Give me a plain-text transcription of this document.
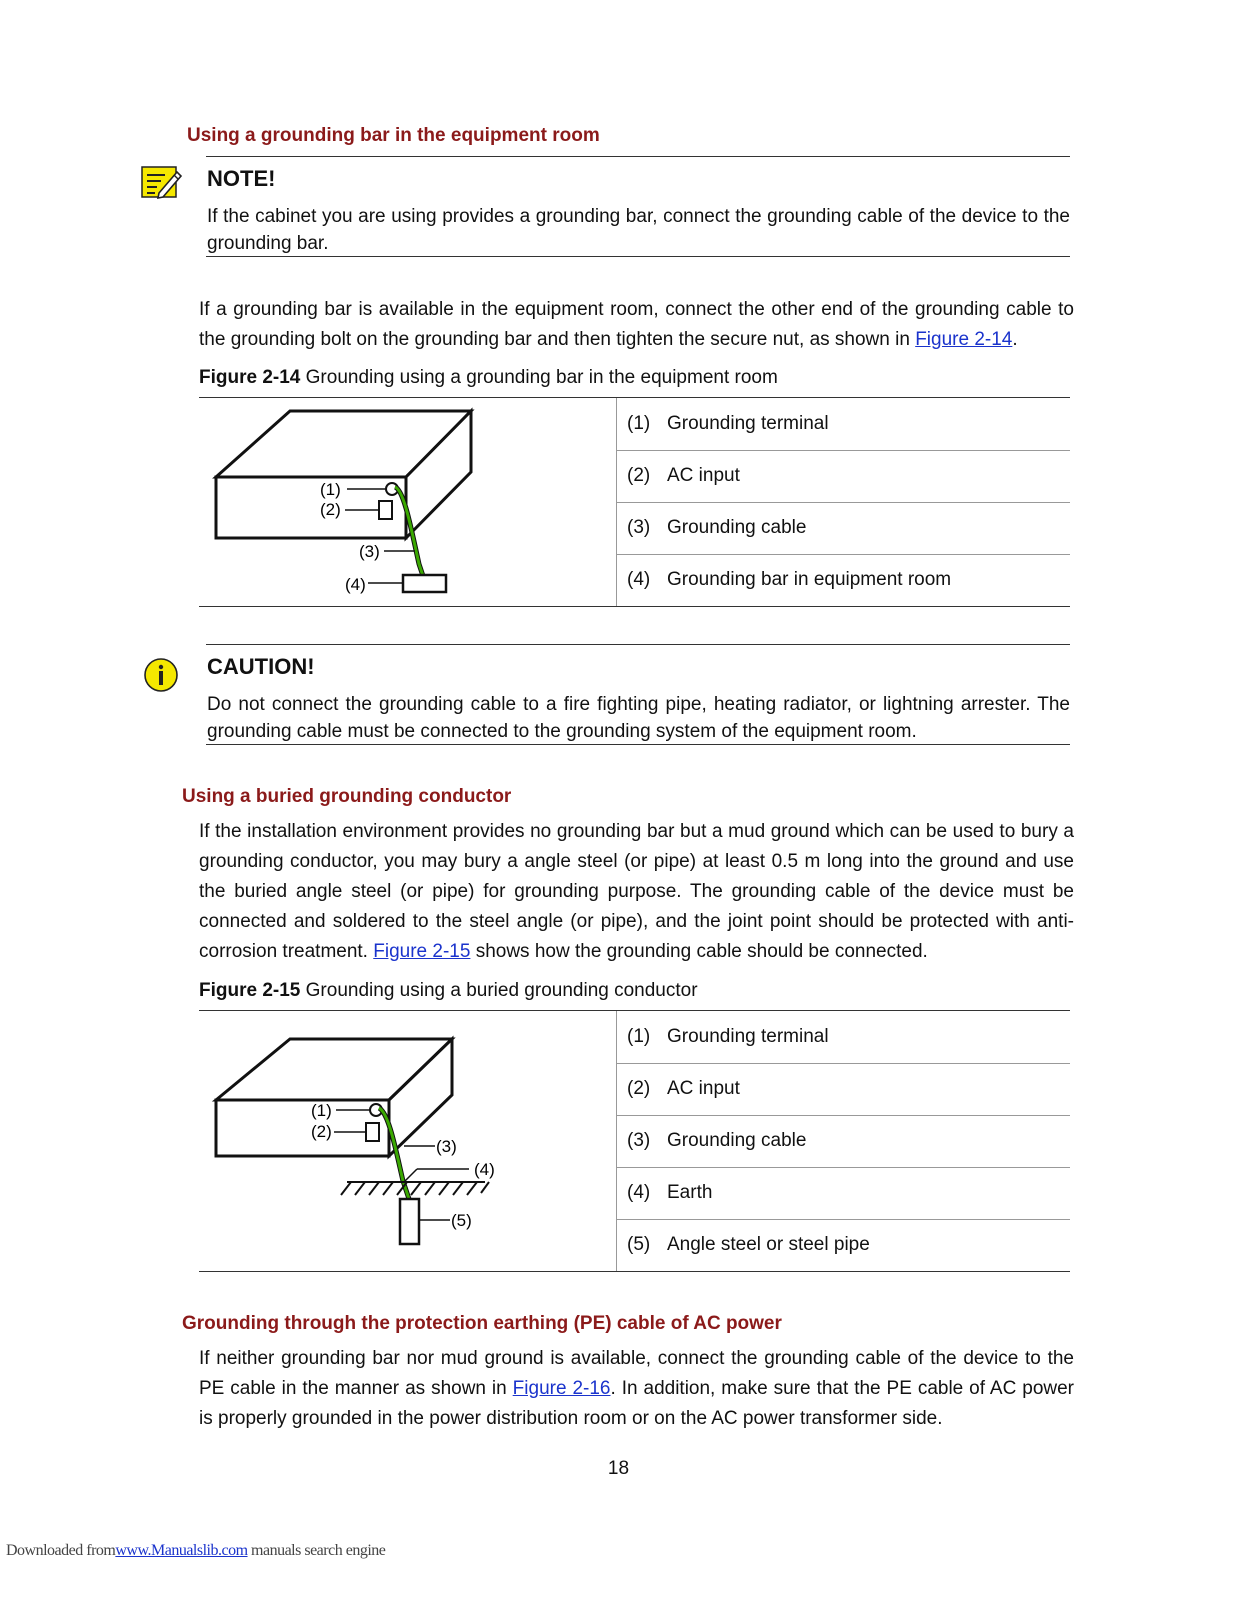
Using a grounding bar in the equipment room
NOTE!
If the cabinet you are using provides a grounding bar, connect the grounding cable of the device to the grounding bar.
If a grounding bar is available in the equipment room, connect the other end of the grounding cable to the grounding bolt on the grounding bar and then tighten the secure nut, as shown in Figure 2-14.
Figure 2-14 Grounding using a grounding bar in the equipment room
(1)
(2)
(3)
(4)
(1) Grounding terminal
(2) AC input
(3) Grounding cable
(4) Grounding bar in equipment room
CAUTION!
Do not connect the grounding cable to a fire fighting pipe, heating radiator, or lightning arrester. The grounding cable must be connected to the grounding system of the equipment room.
Using a buried grounding conductor
If the installation environment provides no grounding bar but a mud ground which can be used to bury a grounding conductor, you may bury a angle steel (or pipe) at least 0.5 m long into the ground and use the buried angle steel (or pipe) for grounding purpose. The grounding cable of the device must be connected and soldered to the steel angle (or pipe), and the joint point should be protected with anti-corrosion treatment. Figure 2-15 shows how the grounding cable should be connected.
Figure 2-15 Grounding using a buried grounding conductor
(1)
(2)
(3)
(4)
(5)
(1) Grounding terminal
(2) AC input
(3) Grounding cable
(4) Earth
(5) Angle steel or steel pipe
Grounding through the protection earthing (PE) cable of AC power
If neither grounding bar nor mud ground is available, connect the grounding cable of the device to the PE cable in the manner as shown in Figure 2-16. In addition, make sure that the PE cable of AC power is properly grounded in the power distribution room or on the AC power transformer side.
18
Downloaded fromwww.Manualslib.com manuals search engine
